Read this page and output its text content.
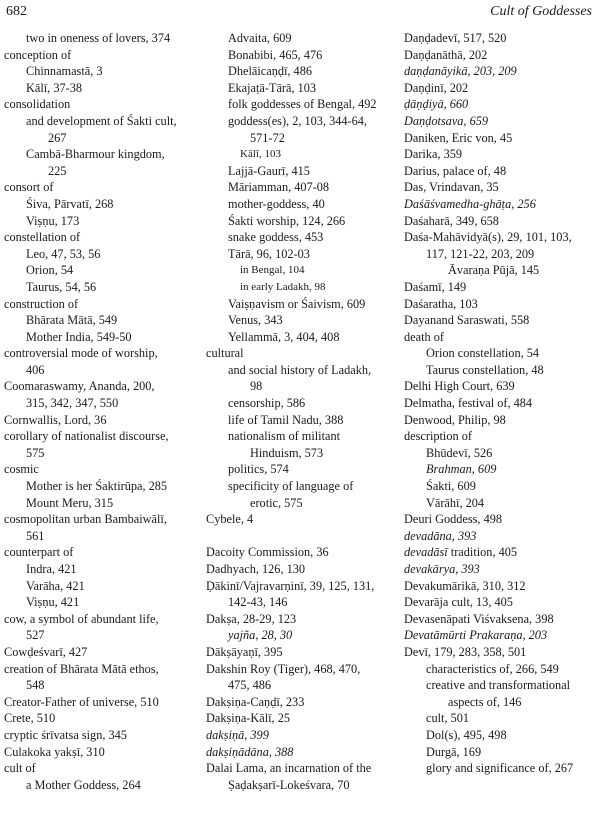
682	Cult of Goddesses
two in oneness of lovers, 374
conception of
Chinnamastā, 3
Kālī, 37-38
consolidation
and development of Śakti cult,
267
Cambā-Bharmour kingdom,
225
consort of
Śiva, Pārvatī, 268
Viṣṇu, 173
constellation of
Leo, 47, 53, 56
Orion, 54
Taurus, 54, 56
construction of
Bhārata Mātā, 549
Mother India, 549-50
controversial mode of worship,
406
Coomaraswamy, Ananda, 200,
315, 342, 347, 550
Cornwallis, Lord, 36
corollary of nationalist discourse,
575
cosmic
Mother is her Śaktirūpa, 285
Mount Meru, 315
cosmopolitan urban Bambaiwālī,
561
counterpart of
Indra, 421
Varāha, 421
Viṣṇu, 421
cow, a symbol of abundant life,
527
Cowḍeśvarī, 427
creation of Bhārata Mātā ethos,
548
Creator-Father of universe, 510
Crete, 510
cryptic śrīvatsa sign, 345
Culakoka yakṣī, 310
cult of
a Mother Goddess, 264
Advaita, 609
Bonabibi, 465, 476
Dhelāicaṇḍī, 486
Ekajaṭā-Tārā, 103
folk goddesses of Bengal, 492
goddess(es), 2, 103, 344-64,
571-72
Kālī, 103
Lajjā-Gaurī, 415
Māriamman, 407-08
mother-goddess, 40
Śakti worship, 124, 266
snake goddess, 453
Tārā, 96, 102-03
in Bengal, 104
in early Ladakh, 98
Vaiṣṇavism or Śaivism, 609
Venus, 343
Yellammā, 3, 404, 408
cultural
and social history of Ladakh,
98
censorship, 586
life of Tamil Nadu, 388
nationalism of militant
Hinduism, 573
politics, 574
specificity of language of
erotic, 575
Cybele, 4
Dacoity Commission, 36
Dadhyach, 126, 130
Ḍākinī/Vajravarṇinī, 39, 125, 131,
142-43, 146
Dakṣa, 28-29, 123
yajña, 28, 30
Dākṣāyaṇī, 395
Dakshin Roy (Tiger), 468, 470,
475, 486
Dakṣiṇa-Caṇḍī, 233
Dakṣiṇa-Kālī, 25
dakṣiṇā, 399
dakṣiṇādāna, 388
Dalai Lama, an incarnation of the
Ṣaḍakṣarī-Lokeśvara, 70
Daṇḍadevī, 517, 520
Daṇḍanāthā, 202
daṇḍanāyikā, 203, 209
Daṇḍinī, 202
ḍāṇḍiyā, 660
Daṇḍotsava, 659
Daniken, Eric von, 45
Darika, 359
Darius, palace of, 48
Das, Vrindavan, 35
Daśāśvamedha-ghāṭa, 256
Daśaharā, 349, 658
Daśa-Mahāvidyā(s), 29, 101, 103,
117, 121-22, 203, 209
Āvaraṇa Pūjā, 145
Daśamī, 149
Daśaratha, 103
Dayanand Saraswati, 558
death of
Orion constellation, 54
Taurus constellation, 48
Delhi High Court, 639
Delmatha, festival of, 484
Denwood, Philip, 98
description of
Bhūdevī, 526
Brahman, 609
Śakti, 609
Vārāhī, 204
Deuri Goddess, 498
devadāna, 393
devadāsī tradition, 405
devakārya, 393
Devakumārikā, 310, 312
Devarāja cult, 13, 405
Devasenāpati Viśvaksena, 398
Devatāmūrti Prakaraṇa, 203
Devī, 179, 283, 358, 501
characteristics of, 266, 549
creative and transformational
aspects of, 146
cult, 501
Dol(s), 495, 498
Durgā, 169
glory and significance of, 267
